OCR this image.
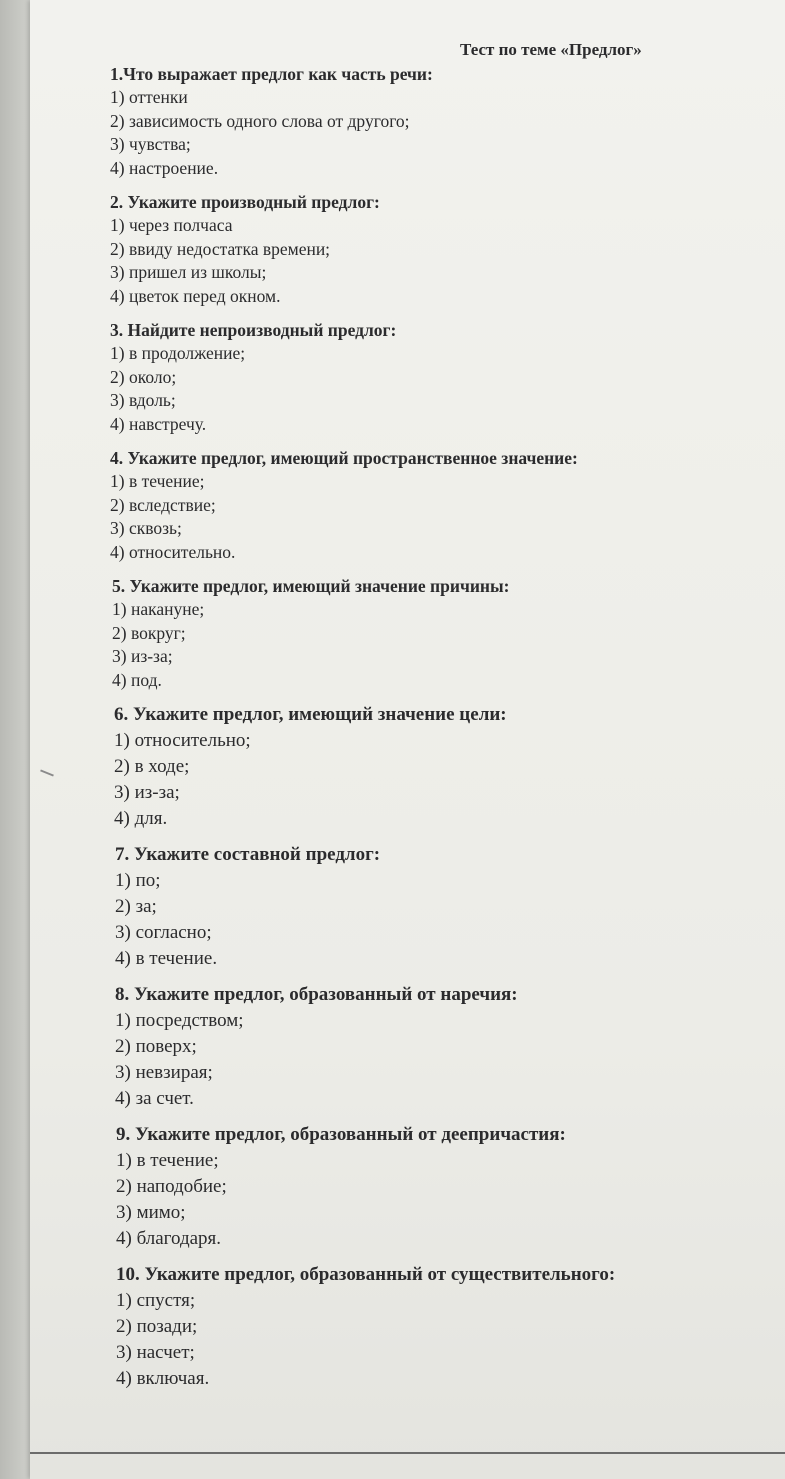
Тест по теме «Предлог»
1.Что выражает предлог как часть речи:
1) оттенки
2) зависимость одного слова от другого;
3) чувства;
4) настроение.
2. Укажите производный предлог:
1) через полчаса
2) ввиду недостатка времени;
3) пришел из школы;
4) цветок перед окном.
3. Найдите непроизводный предлог:
1) в продолжение;
2) около;
3) вдоль;
4) навстречу.
4. Укажите предлог, имеющий пространственное значение:
1) в течение;
2) вследствие;
3) сквозь;
4) относительно.
5. Укажите предлог, имеющий значение причины:
1) накануне;
2) вокруг;
3) из-за;
4) под.
6. Укажите предлог, имеющий значение цели:
1) относительно;
2) в ходе;
3) из-за;
4) для.
7. Укажите составной предлог:
1) по;
2) за;
3) согласно;
4) в течение.
8. Укажите предлог, образованный от наречия:
1) посредством;
2) поверх;
3) невзирая;
4) за счет.
9. Укажите предлог, образованный от деепричастия:
1) в течение;
2) наподобие;
3) мимо;
4) благодаря.
10. Укажите предлог, образованный от существительного:
1) спустя;
2) позади;
3) насчет;
4) включая.
